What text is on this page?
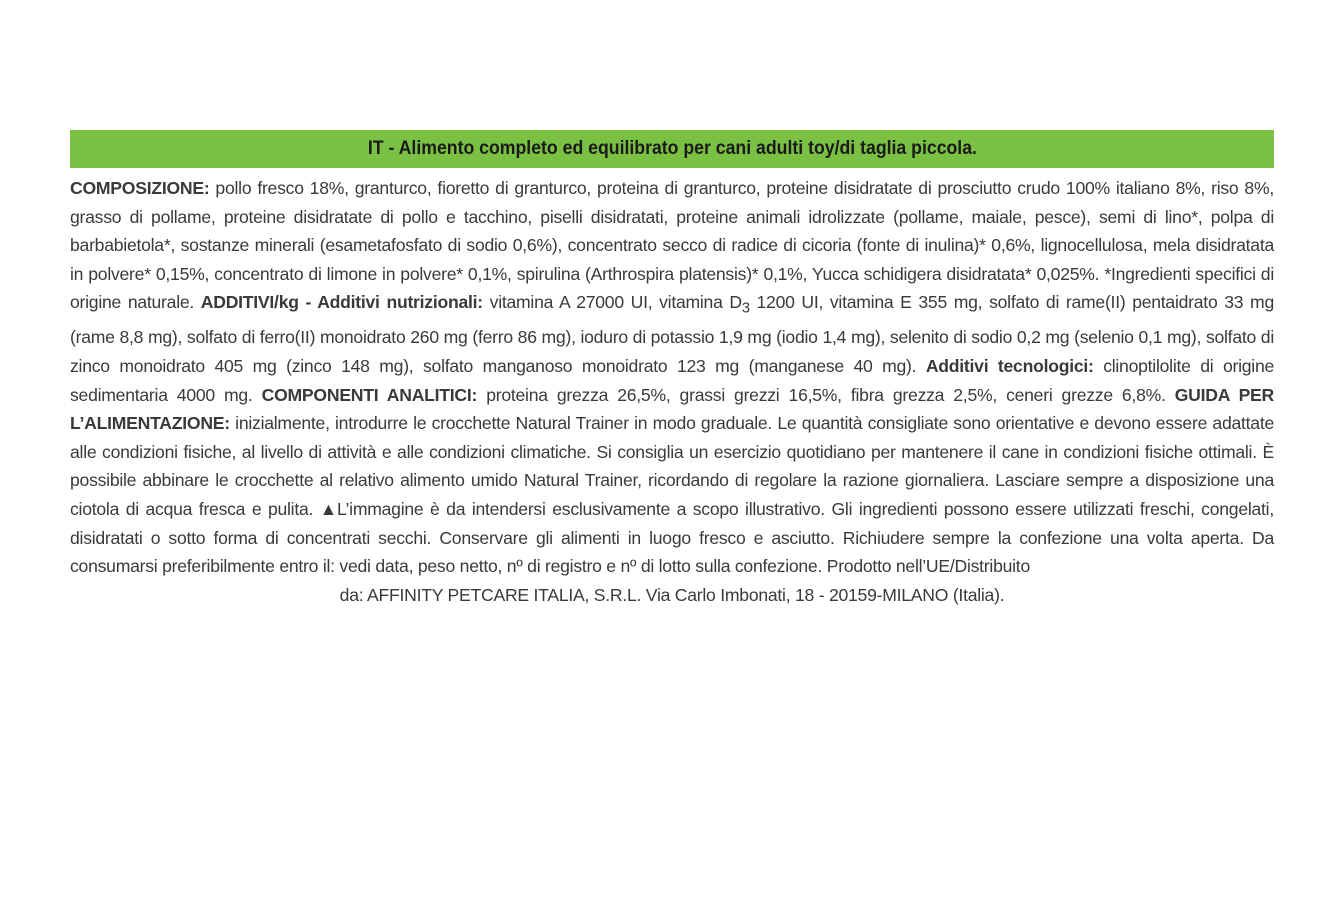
IT - Alimento completo ed equilibrato per cani adulti toy/di taglia piccola.

COMPOSIZIONE: pollo fresco 18%, granturco, fioretto di granturco, proteina di granturco, proteine disidratate di prosciutto crudo 100% italiano 8%, riso 8%, grasso di pollame, proteine disidratate di pollo e tacchino, piselli disidratati, proteine animali idrolizzate (pollame, maiale, pesce), semi di lino*, polpa di barbabietola*, sostanze minerali (esametafosfato di sodio 0,6%), concentrato secco di radice di cicoria (fonte di inulina)* 0,6%, lignocellulosa, mela disidratata in polvere* 0,15%, concentrato di limone in polvere* 0,1%, spirulina (Arthrospira platensis)* 0,1%, Yucca schidigera disidratata* 0,025%. *Ingredienti specifici di origine naturale. ADDITIVI/kg - Additivi nutrizionali: vitamina A 27000 UI, vitamina $D_3$ 1200 UI, vitamina E 355 mg, solfato di rame(II) pentaidrato 33 mg (rame 8,8 mg), solfato di ferro(II) monoidrato 260 mg (ferro 86 mg), ioduro di potassio 1,9 mg (iodio 1,4 mg), selenito di sodio 0,2 mg (selenio 0,1 mg), solfato di zinco monoidrato 405 mg (zinco 148 mg), solfato manganoso monoidrato 123 mg (manganese 40 mg). Additivi tecnologici: clinoptilolite di origine sedimentaria 4000 mg. COMPONENTI ANALITICI: proteina grezza 26,5%, grassi grezzi 16,5%, fibra grezza 2,5%, ceneri grezze 6,8%. GUIDA PER L’ALIMENTAZIONE: inizialmente, introdurre le crocchette Natural Trainer in modo graduale. Le quantità consigliate sono orientative e devono essere adattate alle condizioni fisiche, al livello di attività e alle condizioni climatiche. Si consiglia un esercizio quotidiano per mantenere il cane in condizioni fisiche ottimali. È possibile abbinare le crocchette al relativo alimento umido Natural Trainer, ricordando di regolare la razione giornaliera. Lasciare sempre a disposizione una ciotola di acqua fresca e pulita. ▲L’immagine è da intendersi esclusivamente a scopo illustrativo. Gli ingredienti possono essere utilizzati freschi, congelati, disidratati o sotto forma di concentrati secchi. Conservare gli alimenti in luogo fresco e asciutto. Richiudere sempre la confezione una volta aperta. Da consumarsi preferibilmente entro il: vedi data, peso netto, nº di registro e nº di lotto sulla confezione. Prodotto nell’UE/Distribuito

da: AFFINITY PETCARE ITALIA, S.R.L. Via Carlo Imbonati, 18 - 20159-MILANO (Italia).
